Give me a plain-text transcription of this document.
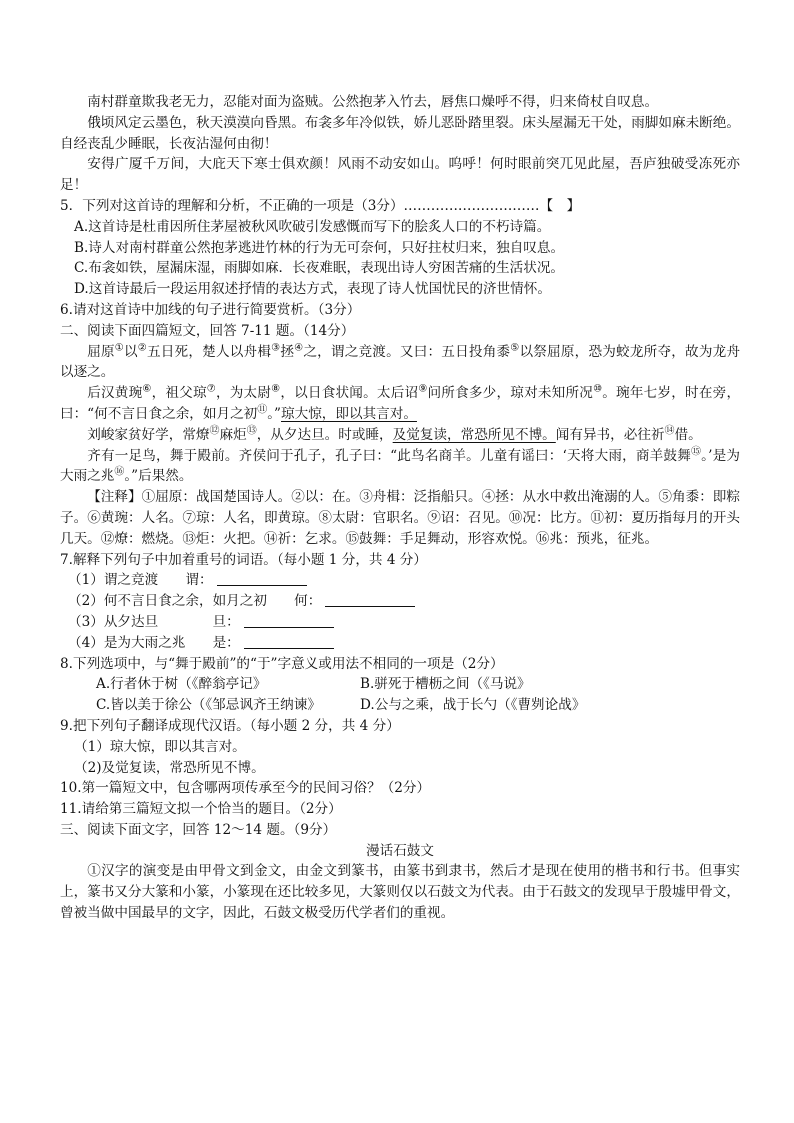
南村群童欺我老无力，忍能对面为盗贼。公然抱茅入竹去，唇焦口燥呼不得，归来倚杖自叹息。

俄顷风定云墨色，秋天漠漠向昏黑。布衾多年冷似铁，娇儿恶卧踏里裂。床头屋漏无干处，雨脚如麻未断绝。自经丧乱少睡眠，长夜沾湿何由彻！

安得广厦千万间，大庇天下寒士俱欢颜！风雨不动安如山。呜呼！何时眼前突兀见此屋，吾庐独破受冻死亦足！

5．下列对这首诗的理解和分析，不正确的一项是（3分）…………………………【　】

A.这首诗是杜甫因所住茅屋被秋风吹破引发感慨而写下的脍炙人口的不朽诗篇。

B.诗人对南村群童公然抱茅逃进竹林的行为无可奈何，只好拄杖归来，独自叹息。

C.布衾如铁，屋漏床湿，雨脚如麻．长夜难眠，表现出诗人穷困苦痛的生活状况。

D.这首诗最后一段运用叙述抒情的表达方式，表现了诗人忧国忧民的济世情怀。

6.请对这首诗中加线的句子进行简要赏析。（3分）

二、阅读下面四篇短文，回答 7-11 题。（14分）

屈原①以②五日死，楚人以舟楫③拯④之，谓之竞渡。又曰：五日投角黍⑤以祭屈原，恐为蛟龙所夺，故为龙舟以逐之。

后汉黄琬⑥，祖父琼⑦，为太尉⑧，以日食状闻。太后诏⑨问所食多少，琼对未知所况⑩。琬年七岁，时在旁，曰：“何不言日食之余，如月之初⑪。”琼大惊，即以其言对。

刘峻家贫好学，常燎⑫麻炬⑬，从夕达旦。时或睡，及觉复读，常恐所见不博。闻有异书，必往祈⑭借。

齐有一足鸟，舞于殿前。齐侯问于孔子，孔子曰：“此鸟名商羊。儿童有谣曰：‘天将大雨，商羊鼓舞⑮。’是为大雨之兆⑯。”后果然。

【注释】①屈原：战国楚国诗人。②以：在。③舟楫：泛指船只。④拯：从水中救出淹溺的人。⑤角黍：即粽子。⑥黄琬：人名。⑦琼：人名，即黄琼。⑧太尉：官职名。⑨诏：召见。⑩况：比方。⑪初：夏历指每月的开头几天。⑫燎：燃烧。⑬炬：火把。⑭祈：乞求。⑮鼓舞：手足舞动，形容欢悦。⑯兆：预兆，征兆。

7.解释下列句子中加着重号的词语。（每小题 1 分，共 4 分）

（1）谓之竞渡　　谓：

（2）何不言日食之余，如月之初　　何：

（3）从夕达旦　　　　旦：

（4）是为大雨之兆　　是：

8.下列选项中，与“舞于殿前”的“于”字意义或用法不相同的一项是（2分）

A.行者休于树（《醉翁亭记》	B.骈死于槽枥之间（《马说》

C.皆以美于徐公（《邹忌讽齐王纳谏》	D.公与之乘，战于长勺（《曹刿论战》

9.把下列句子翻译成现代汉语。（每小题 2 分，共 4 分）

（1）琼大惊，即以其言对。

（2)及觉复读，常恐所见不博。

10.第一篇短文中，包含哪两项传承至今的民间习俗？（2分）

11.请给第三篇短文拟一个恰当的题目。（2分）

三、阅读下面文字，回答 12～14 题。（9分）

漫话石鼓文

①汉字的演变是由甲骨文到金文，由金文到篆书，由篆书到隶书，然后才是现在使用的楷书和行书。但事实上，篆书又分大篆和小篆，小篆现在还比较多见，大篆则仅以石鼓文为代表。由于石鼓文的发现早于殷墟甲骨文，曾被当做中国最早的文字，因此，石鼓文极受历代学者们的重视。
